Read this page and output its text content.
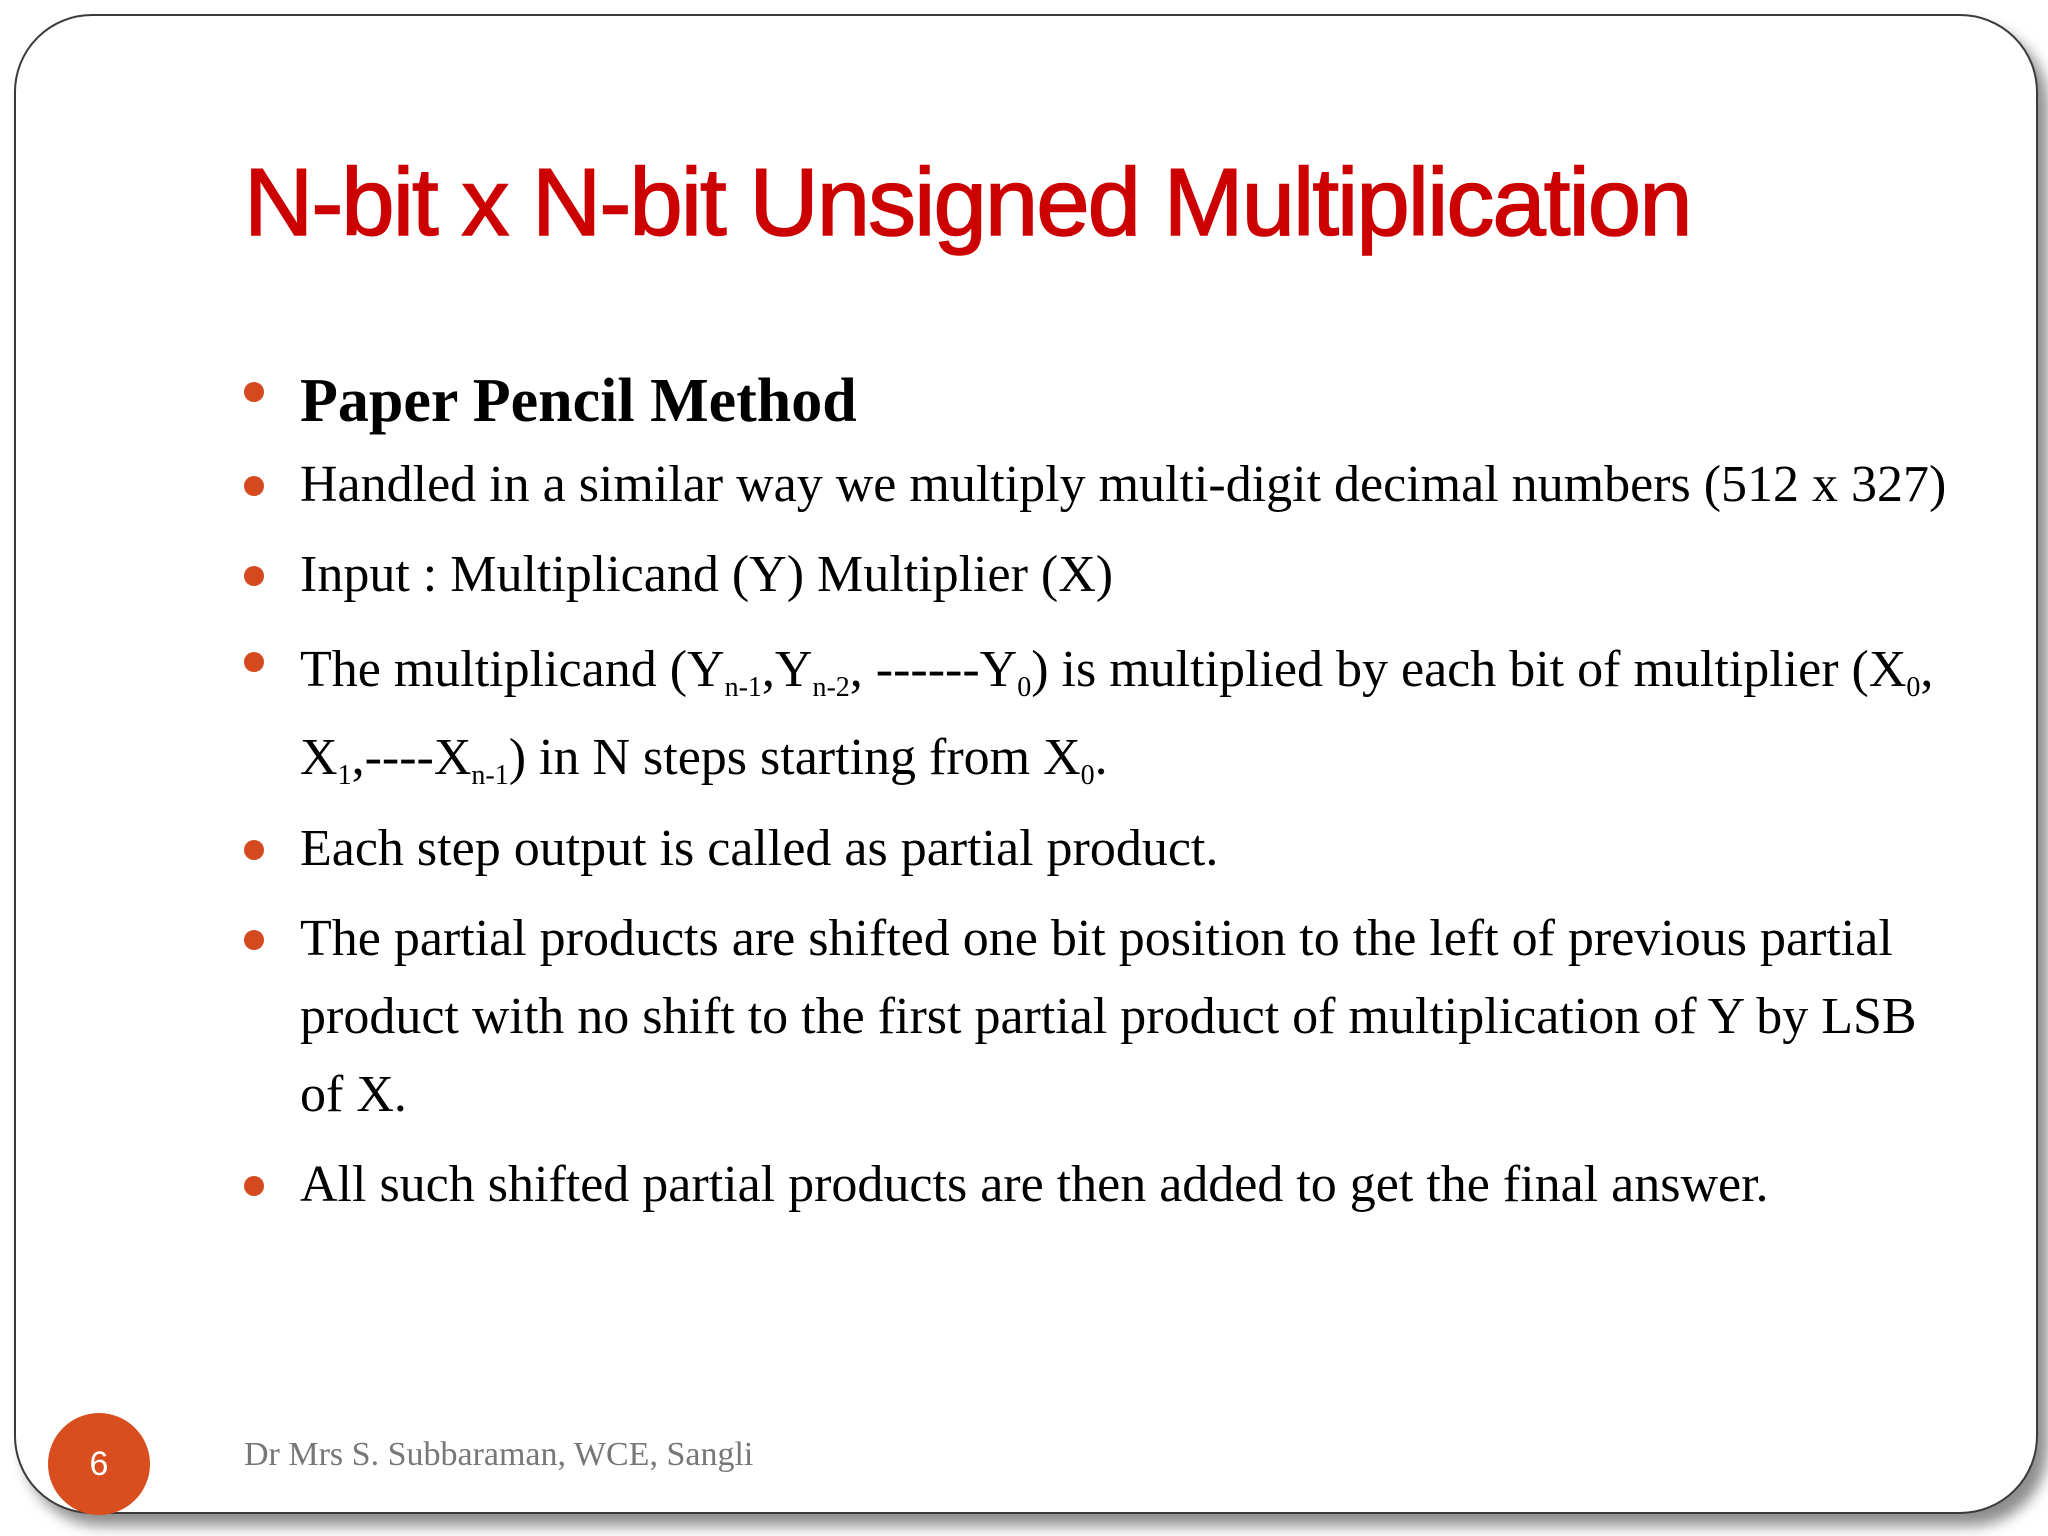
N-bit x N-bit Unsigned Multiplication
Paper Pencil Method
Handled in a similar way we multiply multi-digit decimal numbers (512 x 327)
Input : Multiplicand (Y) Multiplier (X)
The multiplicand ($Y_{n-1},Y_{n-2}$, $------Y_0$) is multiplied by each bit of multiplier ($X_0$, $X_1,----X_{n-1}$) in N steps starting from $X_0$.
Each step output is called as partial product.
The partial products are shifted one bit position to the left of previous partial product with no shift to the first partial product of multiplication of Y by LSB of X.
All such shifted partial products are then added to get the final answer.
6	Dr Mrs S. Subbaraman, WCE, Sangli
